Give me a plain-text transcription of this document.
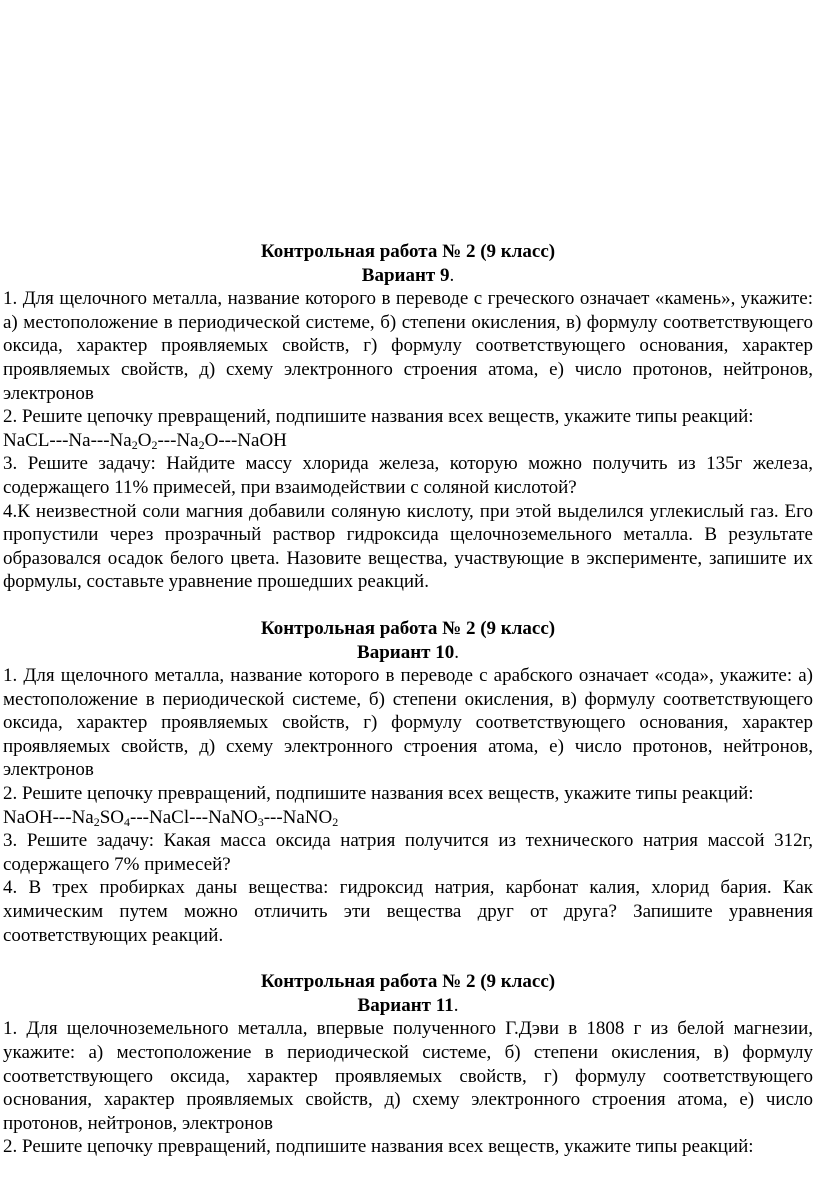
Контрольная работа № 2 (9 класс)
Вариант 9.

1. Для щелочного металла, название которого в переводе с греческого означает «камень», укажите: а) местоположение в периодической системе, б) степени окисления, в) формулу соответствующего оксида, характер проявляемых свойств, г) формулу соответствующего основания, характер проявляемых свойств, д) схему электронного строения атома, е) число протонов, нейтронов, электронов

2. Решите цепочку превращений, подпишите названия всех веществ, укажите типы реакций:

NaCL-$--Na---Na_2O_2---Na_2O--$-NaOH

3. Решите задачу: Найдите массу хлорида железа, которую можно получить из 135г железа, содержащего 11% примесей, при взаимодействии с соляной кислотой?

4.К неизвестной соли магния добавили соляную кислоту, при этой выделился углекислый газ. Его пропустили через прозрачный раствор гидроксида щелочноземельного металла. В результате образовался осадок белого цвета. Назовите вещества, участвующие в эксперименте, запишите их формулы, составьте уравнение прошедших реакций.

Контрольная работа № 2 (9 класс)
Вариант 10.

1. Для щелочного металла, название которого в переводе с арабского означает «сода», укажите: а) местоположение в периодической системе, б) степени окисления, в) формулу соответствующего оксида, характер проявляемых свойств, г) формулу соответствующего основания, характер проявляемых свойств, д) схему электронного строения атома, е) число протонов, нейтронов, электронов

2. Решите цепочку превращений, подпишите названия всех веществ, укажите типы реакций:

NaOH-$--Na_2SO_4---NaCl---NaNO_3---NaNO_2$

3. Решите задачу: Какая масса оксида натрия получится из технического натрия массой 312г, содержащего 7% примесей?

4. В трех пробирках даны вещества: гидроксид натрия, карбонат калия, хлорид бария. Как химическим путем можно отличить эти вещества друг от друга? Запишите уравнения соответствующих реакций.

Контрольная работа № 2 (9 класс)
Вариант 11.

1. Для щелочноземельного металла, впервые полученного Г.Дэви в 1808 г из белой магнезии, укажите: а) местоположение в периодической системе, б) степени окисления, в) формулу соответствующего оксида, характер проявляемых свойств, г) формулу соответствующего основания, характер проявляемых свойств, д) схему электронного строения атома, е) число протонов, нейтронов, электронов

2. Решите цепочку превращений, подпишите названия всех веществ, укажите типы реакций:
